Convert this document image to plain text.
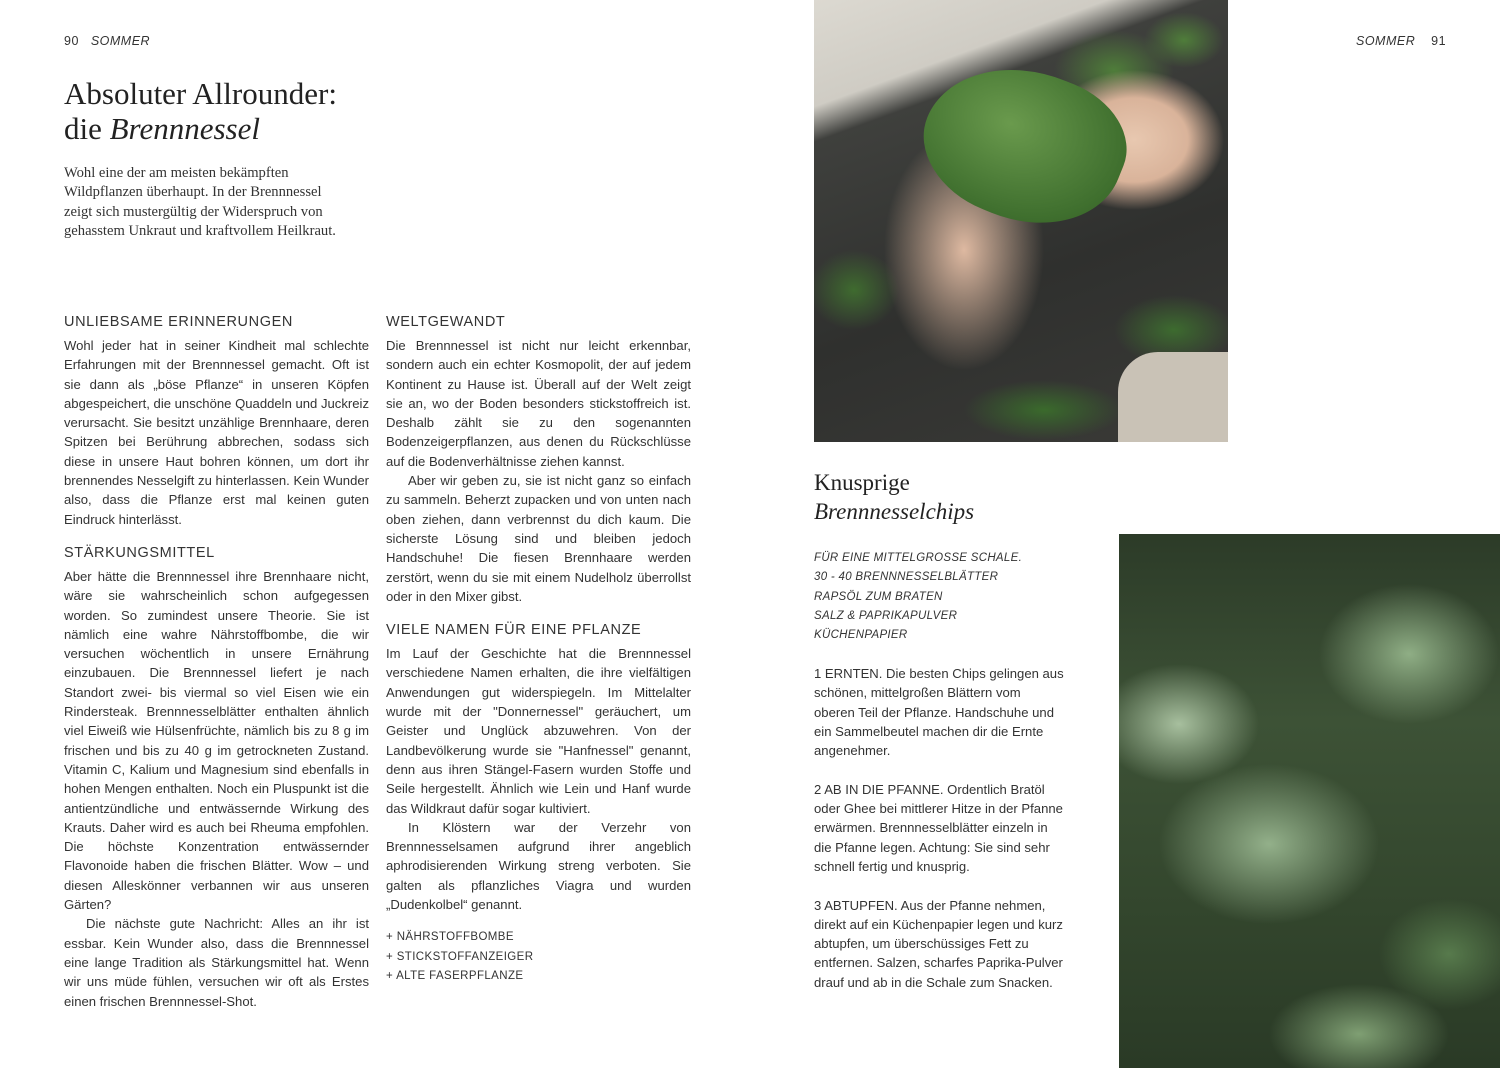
90 SOMMER
Absoluter Allrounder:
die Brennnessel

Wohl eine der am meisten bekämpften Wildpflanzen überhaupt. In der Brennnessel zeigt sich mustergültig der Widerspruch von gehasstem Unkraut und kraftvollem Heilkraut.

UNLIEBSAME ERINNERUNGEN

Wohl jeder hat in seiner Kindheit mal schlechte Erfahrungen mit der Brennnessel gemacht. Oft ist sie dann als „böse Pflanze“ in unseren Köpfen abgespeichert, die unschöne Quaddeln und Juckreiz verursacht. Sie besitzt unzählige Brennhaare, deren Spitzen bei Berührung abbrechen, sodass sich diese in unsere Haut bohren können, um dort ihr brennendes Nesselgift zu hinterlassen. Kein Wunder also, dass die Pflanze erst mal keinen guten Eindruck hinterlässt.

STÄRKUNGSMITTEL

Aber hätte die Brennnessel ihre Brennhaare nicht, wäre sie wahrscheinlich schon aufgegessen worden. So zumindest unsere Theorie. Sie ist nämlich eine wahre Nährstoffbombe, die wir versuchen wöchentlich in unsere Ernährung einzubauen. Die Brennnessel liefert je nach Standort zwei- bis viermal so viel Eisen wie ein Rindersteak. Brennnesselblätter enthalten ähnlich viel Eiweiß wie Hülsenfrüchte, nämlich bis zu 8 g im frischen und bis zu 40 g im getrockneten Zustand. Vitamin C, Kalium und Magnesium sind ebenfalls in hohen Mengen enthalten. Noch ein Pluspunkt ist die antientzündliche und entwässernde Wirkung des Krauts. Daher wird es auch bei Rheuma empfohlen. Die höchste Konzentration entwässernder Flavonoide haben die frischen Blätter. Wow – und diesen Alleskönner verbannen wir aus unseren Gärten?

Die nächste gute Nachricht: Alles an ihr ist essbar. Kein Wunder also, dass die Brennnessel eine lange Tradition als Stärkungsmittel hat. Wenn wir uns müde fühlen, versuchen wir oft als Erstes einen frischen Brennnessel-Shot.

WELTGEWANDT

Die Brennnessel ist nicht nur leicht erkennbar, sondern auch ein echter Kosmopolit, der auf jedem Kontinent zu Hause ist. Überall auf der Welt zeigt sie an, wo der Boden besonders stickstoffreich ist. Deshalb zählt sie zu den sogenannten Bodenzeigerpflanzen, aus denen du Rückschlüsse auf die Bodenverhältnisse ziehen kannst.

Aber wir geben zu, sie ist nicht ganz so einfach zu sammeln. Beherzt zupacken und von unten nach oben ziehen, dann verbrennst du dich kaum. Die sicherste Lösung sind und bleiben jedoch Handschuhe! Die fiesen Brennhaare werden zerstört, wenn du sie mit einem Nudelholz überrollst oder in den Mixer gibst.

VIELE NAMEN FÜR EINE PFLANZE

Im Lauf der Geschichte hat die Brennnessel verschiedene Namen erhalten, die ihre vielfältigen Anwendungen gut widerspiegeln. Im Mittelalter wurde mit der "Donnernessel" geräuchert, um Geister und Unglück abzuwehren. Von der Landbevölkerung wurde sie "Hanfnessel" genannt, denn aus ihren Stängel-Fasern wurden Stoffe und Seile hergestellt. Ähnlich wie Lein und Hanf wurde das Wildkraut dafür sogar kultiviert.

In Klöstern war der Verzehr von Brennnesselsamen aufgrund ihrer angeblich aphrodisierenden Wirkung streng verboten. Sie galten als pflanzliches Viagra und wurden „Dudenkolbel“ genannt.

+ NÄHRSTOFFBOMBE
+ STICKSTOFFANZEIGER
+ ALTE FASERPFLANZE
SOMMER 91
Knusprige
Brennnesselchips
FÜR EINE MITTELGROSSE SCHALE.
30 - 40 BRENNNESSELBLÄTTER
RAPSÖL ZUM BRATEN
SALZ & PAPRIKAPULVER
KÜCHENPAPIER

1 ERNTEN. Die besten Chips gelingen aus schönen, mittelgroßen Blättern vom oberen Teil der Pflanze. Handschuhe und ein Sammelbeutel machen dir die Ernte angenehmer.

2 AB IN DIE PFANNE. Ordentlich Bratöl oder Ghee bei mittlerer Hitze in der Pfanne erwärmen. Brennnesselblätter einzeln in die Pfanne legen. Achtung: Sie sind sehr schnell fertig und knusprig.

3 ABTUPFEN. Aus der Pfanne nehmen, direkt auf ein Küchenpapier legen und kurz abtupfen, um überschüssiges Fett zu entfernen. Salzen, scharfes Paprika-Pulver drauf und ab in die Schale zum Snacken.
